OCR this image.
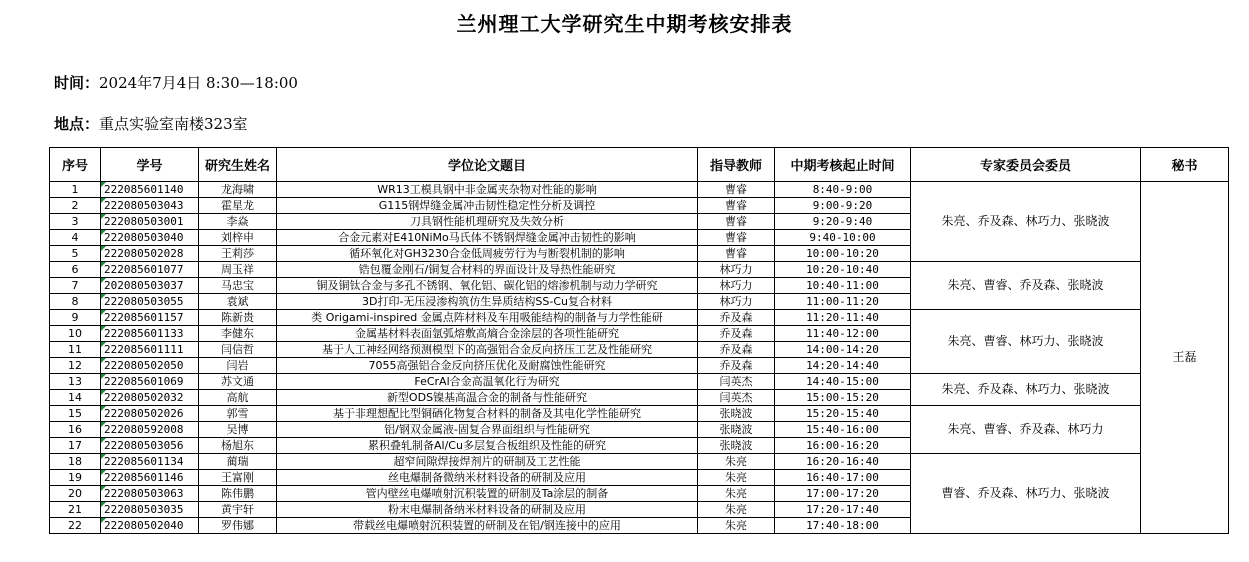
兰州理工大学研究生中期考核安排表
时间：2024年7月4日 8:30—18:00
地点：重点实验室南楼323室
序号	学号	研究生姓名	学位论文题目	指导教师	中期考核起止时间	专家委员会委员	秘书
1	222085601140	龙海啸	WR13工模具钢中非金属夹杂物对性能的影响	曹睿	8:40-9:00	朱亮、乔及森、林巧力、张晓波	王磊
2	222080503043	霍星龙	G115钢焊缝金属冲击韧性稳定性分析及调控	曹睿	9:00-9:20		
3	222080503001	李焱	刀具钢性能机理研究及失效分析	曹睿	9:20-9:40		
4	222080503040	刘梓申	合金元素对E410NiMo马氏体不锈钢焊缝金属冲击韧性的影响	曹睿	9:40-10:00		
5	222080502028	王莉莎	循环氧化对GH3230合金低周疲劳行为与断裂机制的影响	曹睿	10:00-10:20		
6	222085601077	周玉祥	锆包覆金刚石/铜复合材料的界面设计及导热性能研究	林巧力	10:20-10:40	朱亮、曹睿、乔及森、张晓波	
7	202080503037	马忠宝	铜及铜钛合金与多孔不锈钢、氧化铝、碳化铝的熔渗机制与动力学研究	林巧力	10:40-11:00		
8	222080503055	袁斌	3D打印-无压浸渗构筑仿生异质结构SS-Cu复合材料	林巧力	11:00-11:20		
9	222085601157	陈新贵	类 Origami-inspired 金属点阵材料及车用吸能结构的制备与力学性能研	乔及森	11:20-11:40	朱亮、曹睿、林巧力、张晓波	
10	222085601133	李健东	金属基材料表面氩弧熔敷高熵合金涂层的各项性能研究	乔及森	11:40-12:00		
11	222085601111	闫信哲	基于人工神经网络预测模型下的高强铝合金反向挤压工艺及性能研究	乔及森	14:00-14:20		
12	222080502050	闫岩	7055高强铝合金反向挤压优化及耐腐蚀性能研究	乔及森	14:20-14:40		
13	222085601069	苏文通	FeCrAl合金高温氧化行为研究	闫英杰	14:40-15:00	朱亮、乔及森、林巧力、张晓波	
14	222080502032	高航	新型ODS镍基高温合金的制备与性能研究	闫英杰	15:00-15:20		
15	222080502026	郭雪	基于非理想配比型铜硒化物复合材料的制备及其电化学性能研究	张晓波	15:20-15:40	朱亮、曹睿、乔及森、林巧力	
16	222080592008	吴博	铝/钢双金属液-固复合界面组织与性能研究	张晓波	15:40-16:00		
17	222080503056	杨旭东	累积叠轧制备Al/Cu多层复合板组织及性能的研究	张晓波	16:00-16:20		
18	222085601134	蔺瑞	超窄间隙焊接焊剂片的研制及工艺性能	朱亮	16:20-16:40	曹睿、乔及森、林巧力、张晓波	
19	222085601146	王富刚	丝电爆制备微纳米材料设备的研制及应用	朱亮	16:40-17:00		
20	222080503063	陈伟鹏	管内壁丝电爆喷射沉积装置的研制及Ta涂层的制备	朱亮	17:00-17:20		
21	222080503035	黄宇轩	粉末电爆制备纳米材料设备的研制及应用	朱亮	17:20-17:40		
22	222080502040	罗伟娜	带载丝电爆喷射沉积装置的研制及在铝/钢连接中的应用	朱亮	17:40-18:00		
